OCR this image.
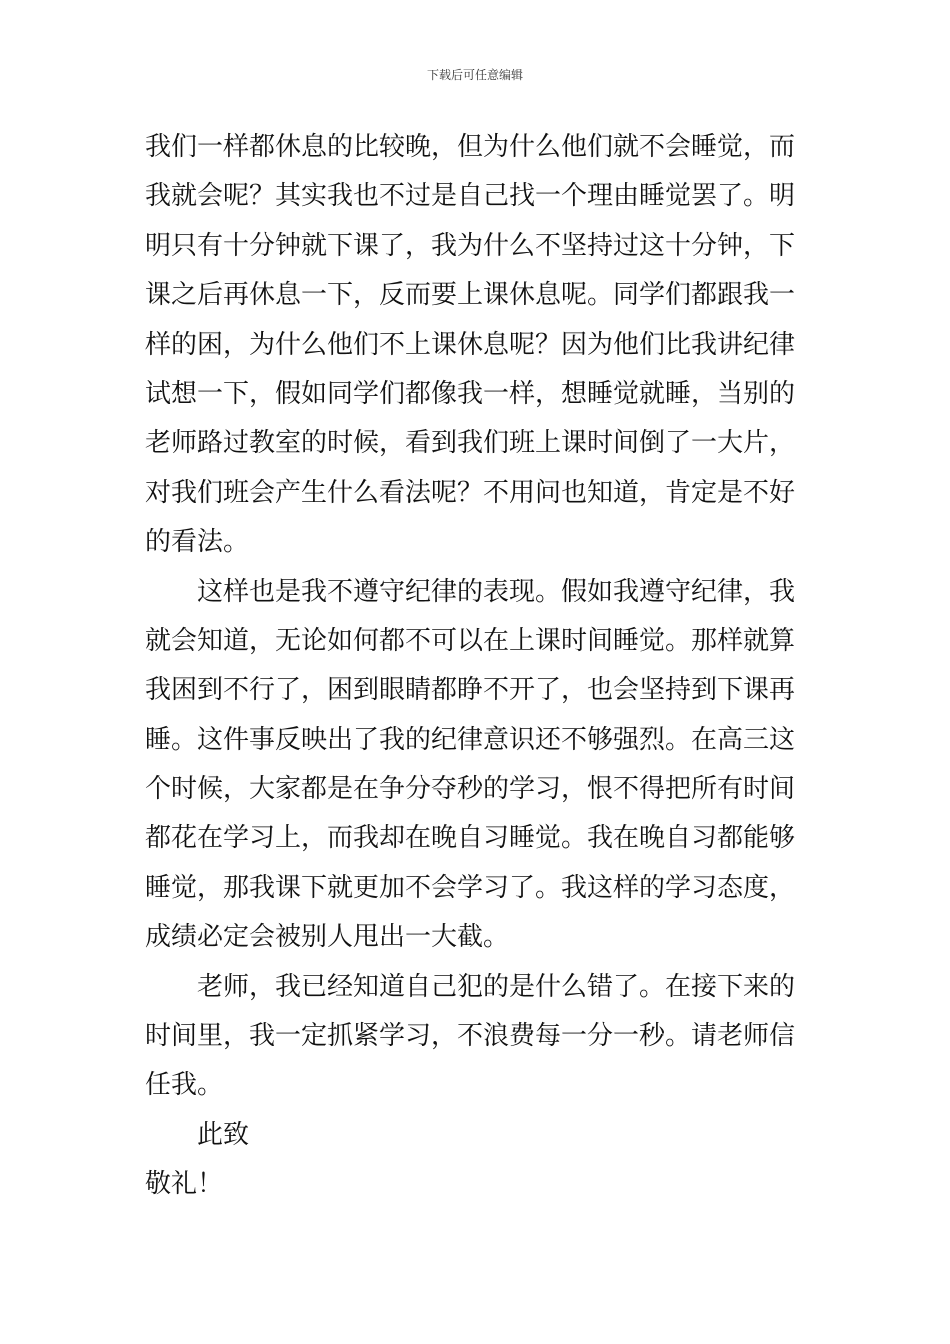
下载后可任意编辑
我们一样都休息的比较晚，但为什么他们就不会睡觉，而
我就会呢？其实我也不过是自己找一个理由睡觉罢了。明
明只有十分钟就下课了，我为什么不坚持过这十分钟，下
课之后再休息一下，反而要上课休息呢。同学们都跟我一
样的困，为什么他们不上课休息呢？因为他们比我讲纪律
试想一下，假如同学们都像我一样，想睡觉就睡，当别的
老师路过教室的时候，看到我们班上课时间倒了一大片，
对我们班会产生什么看法呢？不用问也知道，肯定是不好
的看法。
这样也是我不遵守纪律的表现。假如我遵守纪律，我
就会知道，无论如何都不可以在上课时间睡觉。那样就算
我困到不行了，困到眼睛都睁不开了，也会坚持到下课再
睡。这件事反映出了我的纪律意识还不够强烈。在高三这
个时候，大家都是在争分夺秒的学习，恨不得把所有时间
都花在学习上，而我却在晚自习睡觉。我在晚自习都能够
睡觉，那我课下就更加不会学习了。我这样的学习态度，
成绩必定会被别人甩出一大截。
老师，我已经知道自己犯的是什么错了。在接下来的
时间里，我一定抓紧学习，不浪费每一分一秒。请老师信
任我。
此致
敬礼！
